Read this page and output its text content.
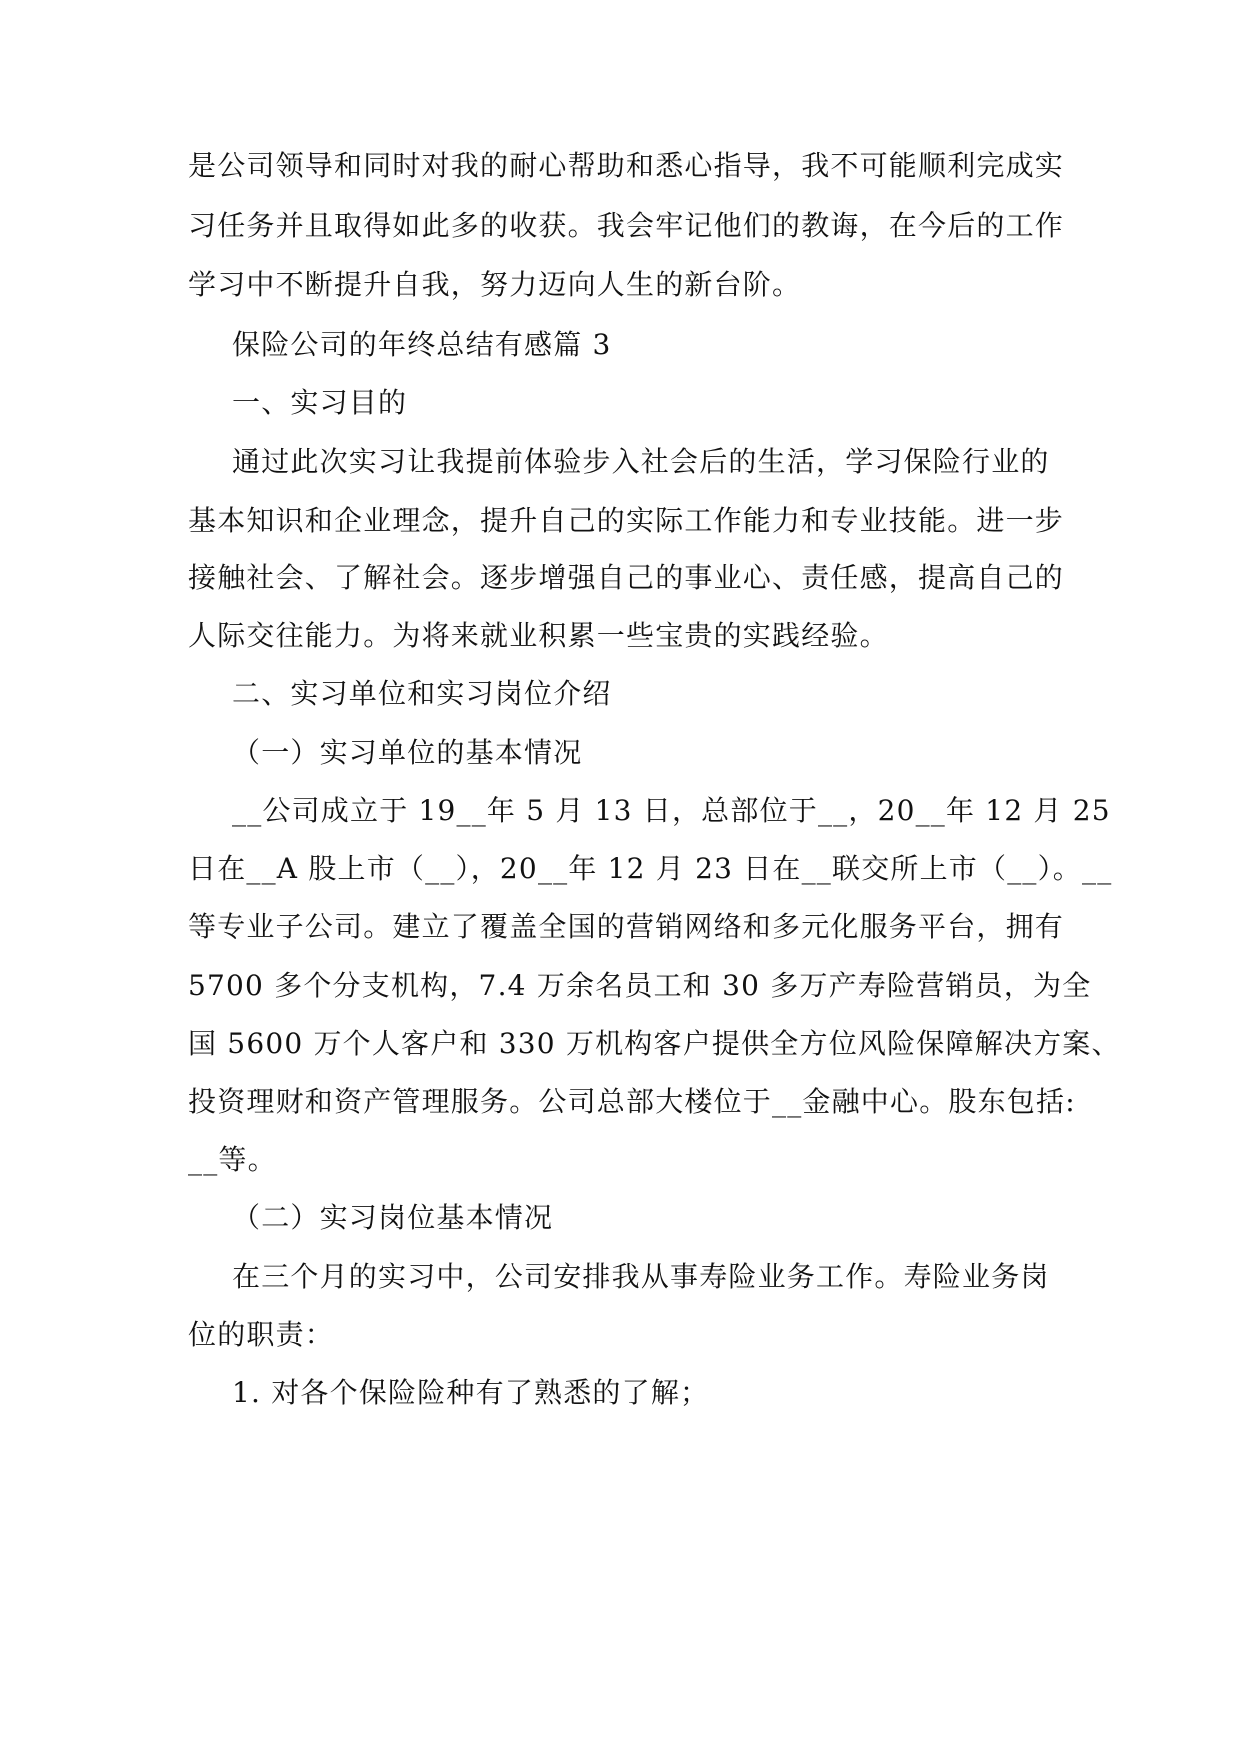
是公司领导和同时对我的耐心帮助和悉心指导，我不可能顺利完成实
习任务并且取得如此多的收获。我会牢记他们的教诲，在今后的工作
学习中不断提升自我，努力迈向人生的新台阶。
保险公司的年终总结有感篇 3
一、实习目的
通过此次实习让我提前体验步入社会后的生活，学习保险行业的
基本知识和企业理念，提升自己的实际工作能力和专业技能。进一步
接触社会、了解社会。逐步增强自己的事业心、责任感，提高自己的
人际交往能力。为将来就业积累一些宝贵的实践经验。
二、实习单位和实习岗位介绍
（一）实习单位的基本情况
__公司成立于 19__年 5 月 13 日，总部位于__，20__年 12 月 25
日在__A 股上市（__），20__年 12 月 23 日在__联交所上市（__）。__
等专业子公司。建立了覆盖全国的营销网络和多元化服务平台，拥有
5700 多个分支机构，7.4 万余名员工和 30 多万产寿险营销员，为全
国 5600 万个人客户和 330 万机构客户提供全方位风险保障解决方案、
投资理财和资产管理服务。公司总部大楼位于__金融中心。股东包括:
__等。
（二）实习岗位基本情况
在三个月的实习中，公司安排我从事寿险业务工作。寿险业务岗
位的职责：
1. 对各个保险险种有了熟悉的了解；
